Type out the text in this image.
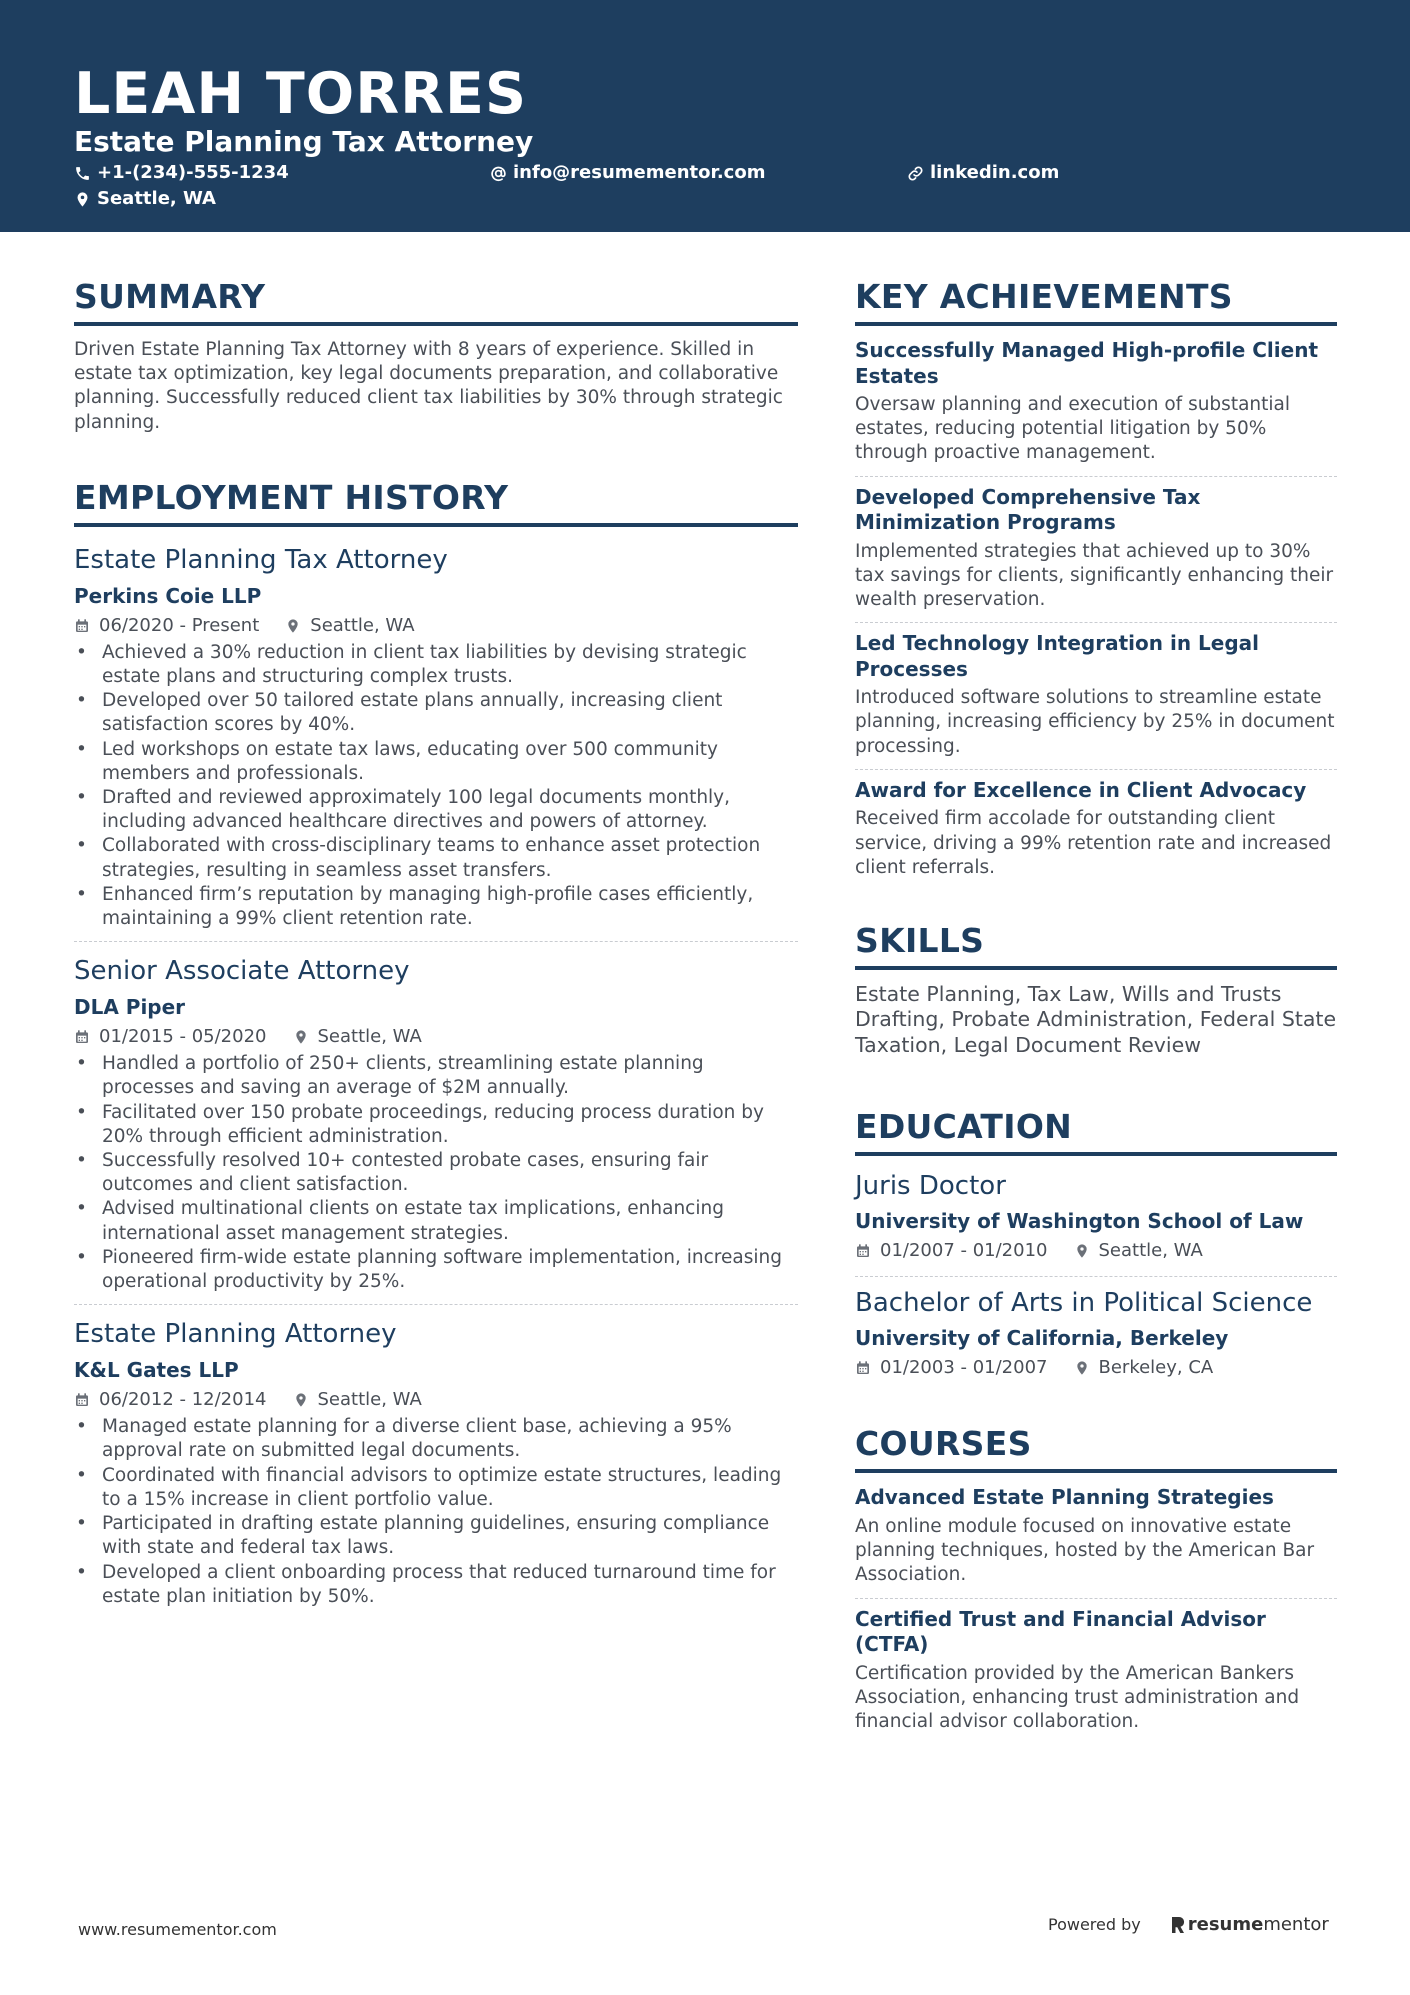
LEAH TORRES
Estate Planning Tax Attorney
+1-(234)-555-1234	info@resumementor.com	linkedin.com
Seattle, WA
SUMMARY

Driven Estate Planning Tax Attorney with 8 years of experience. Skilled in estate tax optimization, key legal documents preparation, and collaborative planning. Successfully reduced client tax liabilities by 30% through strategic planning.

EMPLOYMENT HISTORY
Estate Planning Tax Attorney
Perkins Coie LLP
06/2020 - Present	Seattle, WA
• Achieved a 30% reduction in client tax liabilities by devising strategic estate plans and structuring complex trusts.
• Developed over 50 tailored estate plans annually, increasing client satisfaction scores by 40%.
• Led workshops on estate tax laws, educating over 500 community members and professionals.
• Drafted and reviewed approximately 100 legal documents monthly, including advanced healthcare directives and powers of attorney.
• Collaborated with cross-disciplinary teams to enhance asset protection strategies, resulting in seamless asset transfers.
• Enhanced firm’s reputation by managing high-profile cases efficiently, maintaining a 99% client retention rate.
Senior Associate Attorney
DLA Piper
01/2015 - 05/2020	Seattle, WA
• Handled a portfolio of 250+ clients, streamlining estate planning processes and saving an average of $2M annually.
• Facilitated over 150 probate proceedings, reducing process duration by 20% through efficient administration.
• Successfully resolved 10+ contested probate cases, ensuring fair outcomes and client satisfaction.
• Advised multinational clients on estate tax implications, enhancing international asset management strategies.
• Pioneered firm-wide estate planning software implementation, increasing operational productivity by 25%.
Estate Planning Attorney
K&L Gates LLP
06/2012 - 12/2014	Seattle, WA
• Managed estate planning for a diverse client base, achieving a 95% approval rate on submitted legal documents.
• Coordinated with financial advisors to optimize estate structures, leading to a 15% increase in client portfolio value.
• Participated in drafting estate planning guidelines, ensuring compliance with state and federal tax laws.
• Developed a client onboarding process that reduced turnaround time for estate plan initiation by 50%.
KEY ACHIEVEMENTS
Successfully Managed High-profile Client Estates
Oversaw planning and execution of substantial estates, reducing potential litigation by 50% through proactive management.
Developed Comprehensive Tax Minimization Programs
Implemented strategies that achieved up to 30% tax savings for clients, significantly enhancing their wealth preservation.
Led Technology Integration in Legal Processes
Introduced software solutions to streamline estate planning, increasing efficiency by 25% in document processing.
Award for Excellence in Client Advocacy
Received firm accolade for outstanding client service, driving a 99% retention rate and increased client referrals.
SKILLS

Estate Planning, Tax Law, Wills and Trusts Drafting, Probate Administration, Federal State Taxation, Legal Document Review

EDUCATION
Juris Doctor
University of Washington School of Law
01/2007 - 01/2010	Seattle, WA
Bachelor of Arts in Political Science
University of California, Berkeley
01/2003 - 01/2007	Berkeley, CA
COURSES
Advanced Estate Planning Strategies
An online module focused on innovative estate planning techniques, hosted by the American Bar Association.
Certified Trust and Financial Advisor (CTFA)
Certification provided by the American Bankers Association, enhancing trust administration and financial advisor collaboration.
www.resumementor.com	Powered by	resume mentor
